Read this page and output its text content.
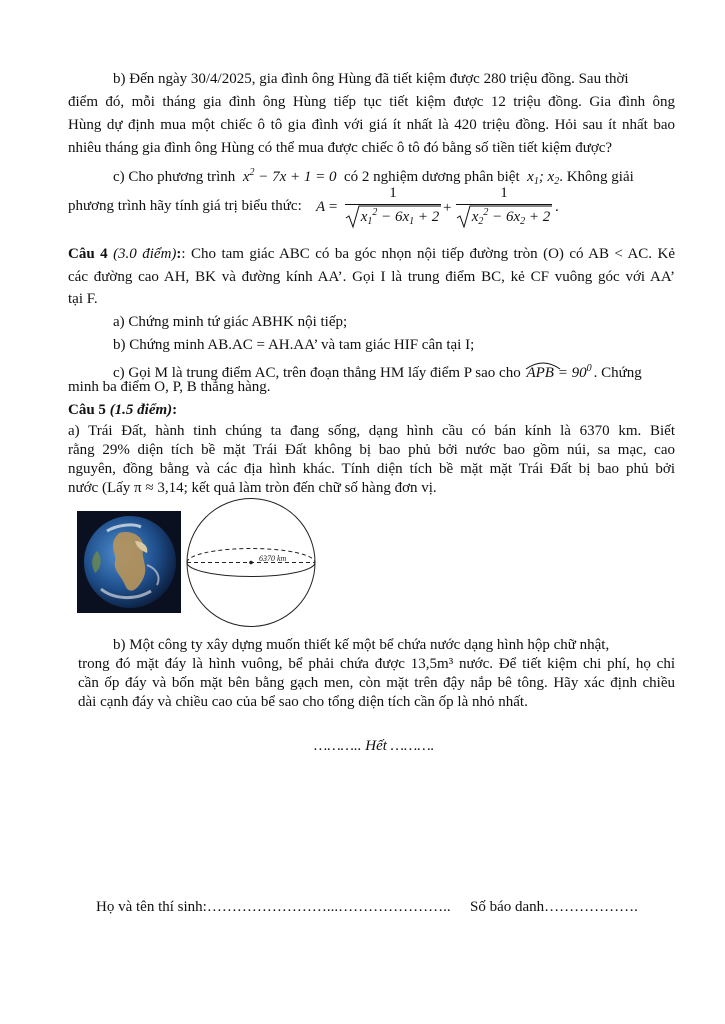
b) Đến ngày 30/4/2025, gia đình ông Hùng đã tiết kiệm được 280 triệu đồng. Sau thời
điểm đó, mỗi tháng gia đình ông Hùng tiếp tục tiết kiệm được 12 triệu đồng. Gia đình ông
Hùng dự định mua một chiếc ô tô gia đình với giá ít nhất là 420 triệu đồng. Hỏi sau ít nhất bao
nhiêu tháng gia đình ông Hùng có thể mua được chiếc ô tô đó bằng số tiền tiết kiệm được?
c) Cho phương trình  $x^2 - 7x + 1 = 0$  có 2 nghiệm dương phân biệt  $x_1$; $x_2$. Không giải
phương trình hãy tính giá trị biểu thức: A =
1
$x_1^2 - 6x_1 + 2$
+
1
$x_2^2 - 6x_2 + 2$
.
Câu 4 (3.0 điểm):: Cho tam giác ABC có ba góc nhọn nội tiếp đường tròn (O) có AB < AC. Kẻ
các đường cao AH, BK và đường kính AA’. Gọi I là trung điểm BC, kẻ CF vuông góc với AA’
tại F.
a) Chứng minh tứ giác ABHK nội tiếp;
b) Chứng minh AB.AC = AH.AA’ và tam giác HIF cân tại I;
c) Gọi M là trung điểm AC, trên đoạn thẳng HM lấy điểm P sao cho APB = $90^0$ . Chứng
minh ba điểm O, P, B thẳng hàng.
Câu 5 (1.5 điểm):
a) Trái Đất, hành tinh chúng ta đang sống, dạng hình cầu có bán kính là 6370 km. Biết
rằng 29% diện tích bề mặt Trái Đất không bị bao phủ bởi nước bao gồm núi, sa mạc, cao
nguyên, đồng bằng và các địa hình khác. Tính diện tích bề mặt mặt Trái Đất bị bao phủ bởi
nước (Lấy π ≈ 3,14; kết quả làm tròn đến chữ số hàng đơn vị.
6370 km
b) Một công ty xây dựng muốn thiết kế một bể chứa nước dạng hình hộp chữ nhật,
trong đó mặt đáy là hình vuông, bể phải chứa được 13,5m³ nước. Để tiết kiệm chi phí, họ chỉ
cần ốp đáy và bốn mặt bên bằng gạch men, còn mặt trên đậy nắp bê tông. Hãy xác định chiều
dài cạnh đáy và chiều cao của bể sao cho tổng diện tích cần ốp là nhỏ nhất.
……….. Hết ……….
Họ và tên thí sinh:……………………...………………….. Số báo danh……………….
